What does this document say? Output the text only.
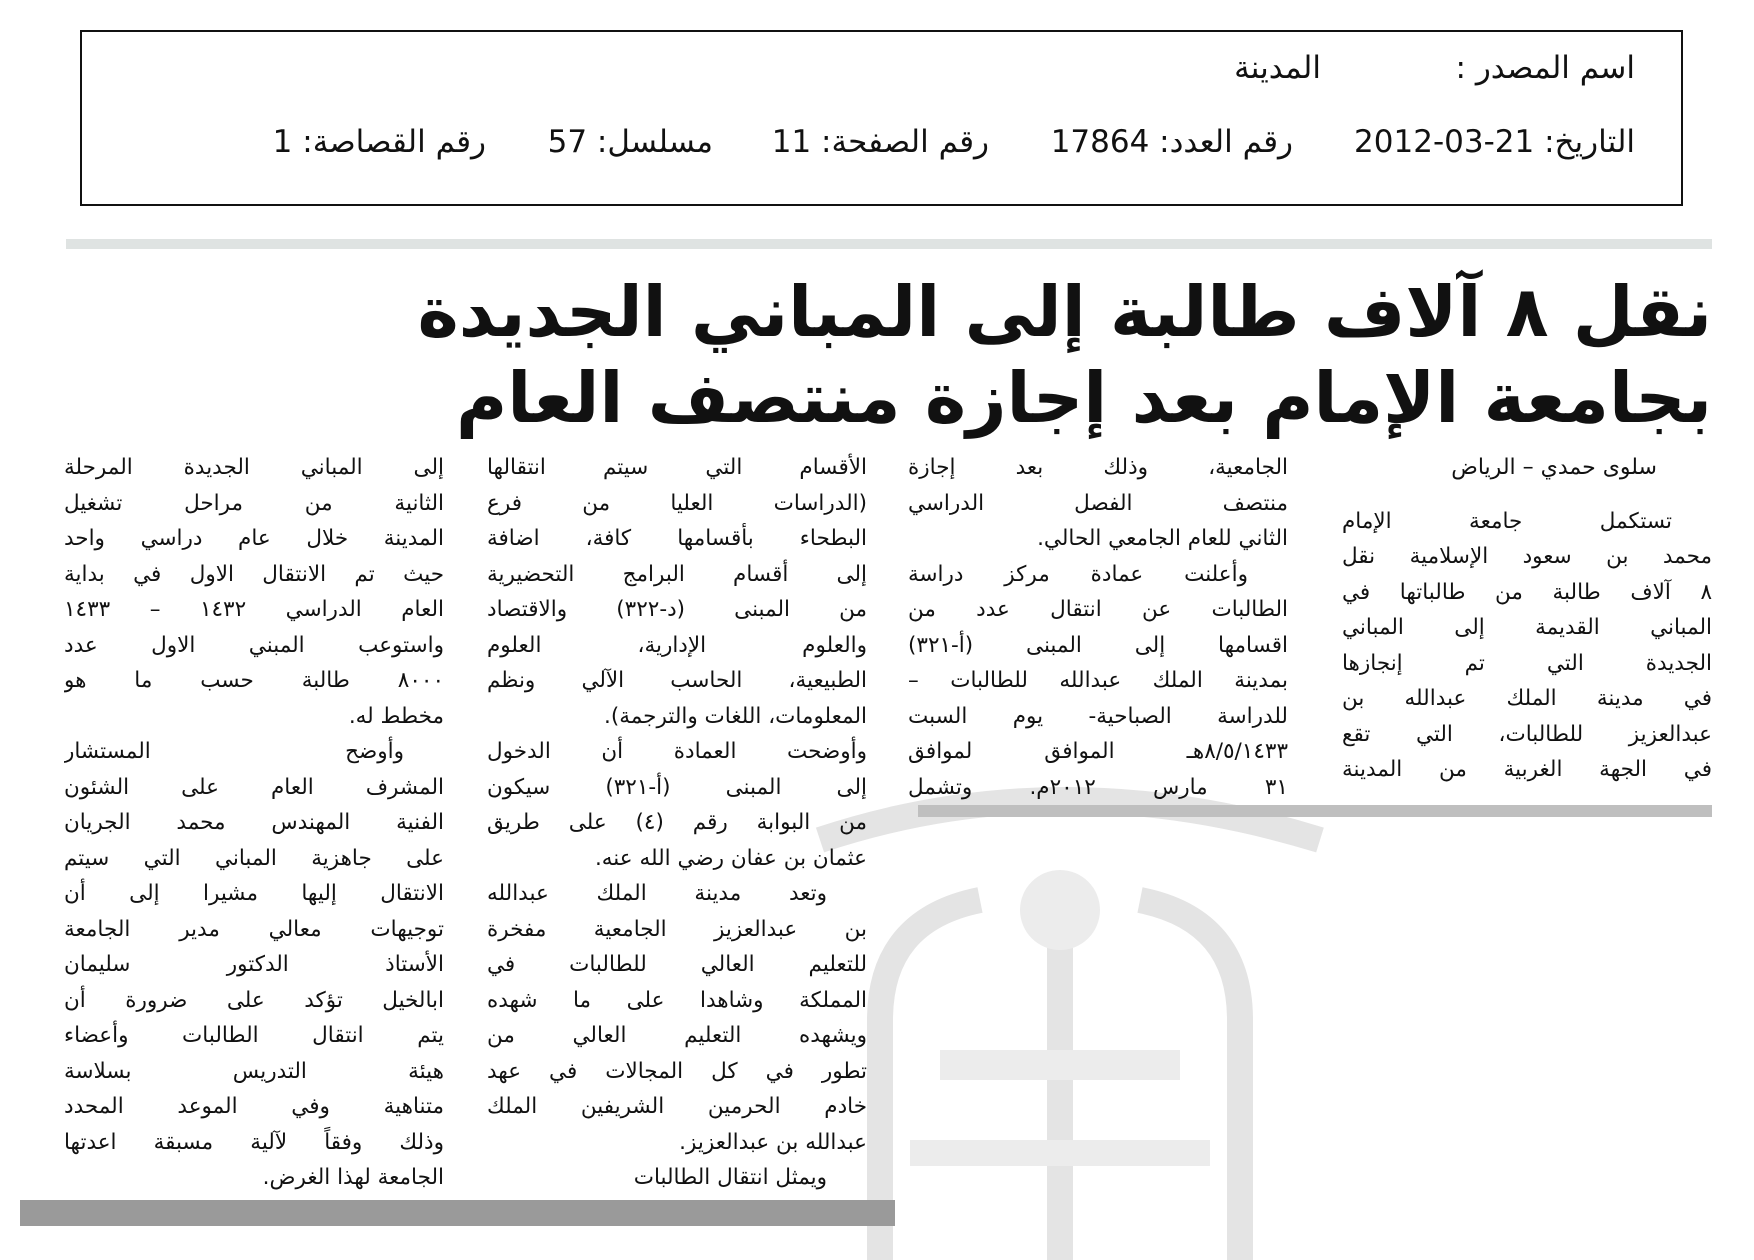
اسم المصدر :
المدينة
التاريخ: 21-03-2012
رقم العدد: 17864
رقم الصفحة: 11
مسلسل: 57
رقم القصاصة: 1
نقل ٨ آلاف طالبة إلى المباني الجديدة
بجامعة الإمام بعد إجازة منتصف العام
سلوى حمدي – الرياض
تستكمل جامعة الإمام
محمد بن سعود الإسلامية نقل
٨ آلاف طالبة من طالباتها في
المباني القديمة إلى المباني
الجديدة التي تم إنجازها
في مدينة الملك عبدالله بن
عبدالعزيز للطالبات، التي تقع
في الجهة الغربية من المدينة
الجامعية، وذلك بعد إجازة
منتصف الفصل الدراسي
الثاني للعام الجامعي الحالي.
وأعلنت عمادة مركز دراسة
الطالبات عن انتقال عدد من
اقسامها إلى المبنى (أ-٣٢١)
بمدينة الملك عبدالله للطالبات –
للدراسة الصباحية- يوم السبت
٨/٥/١٤٣٣هـ الموافق لموافق
٣١ مارس ٢٠١٢م. وتشمل
الأقسام التي سيتم انتقالها
(الدراسات العليا من فرع
البطحاء بأقسامها كافة، اضافة
إلى أقسام البرامج التحضيرية
من المبنى (د-٣٢٢) والاقتصاد
والعلوم الإدارية، العلوم
الطبيعية، الحاسب الآلي ونظم
المعلومات، اللغات والترجمة).
وأوضحت العمادة أن الدخول
إلى المبنى (أ-٣٢١) سيكون
من البوابة رقم (٤) على طريق
عثمان بن عفان رضي الله عنه.
وتعد مدينة الملك عبدالله
بن عبدالعزيز الجامعية مفخرة
للتعليم العالي للطالبات في
المملكة وشاهدا على ما شهده
ويشهده التعليم العالي من
تطور في كل المجالات في عهد
خادم الحرمين الشريفين الملك
عبدالله بن عبدالعزيز.
ويمثل انتقال الطالبات
إلى المباني الجديدة المرحلة
الثانية من مراحل تشغيل
المدينة خلال عام دراسي واحد
حيث تم الانتقال الاول في بداية
العام الدراسي ١٤٣٢ – ١٤٣٣
واستوعب المبني الاول عدد
٨٠٠٠ طالبة حسب ما هو
مخطط له.
وأوضح المستشار
المشرف العام على الشئون
الفنية المهندس محمد الجريان
على جاهزية المباني التي سيتم
الانتقال إليها مشيرا إلى أن
توجيهات معالي مدير الجامعة
الأستاذ الدكتور سليمان
ابالخيل تؤكد على ضرورة أن
يتم انتقال الطالبات وأعضاء
هيئة التدريس بسلاسة
متناهية وفي الموعد المحدد
وذلك وفقاً لآلية مسبقة اعدتها
الجامعة لهذا الغرض.
